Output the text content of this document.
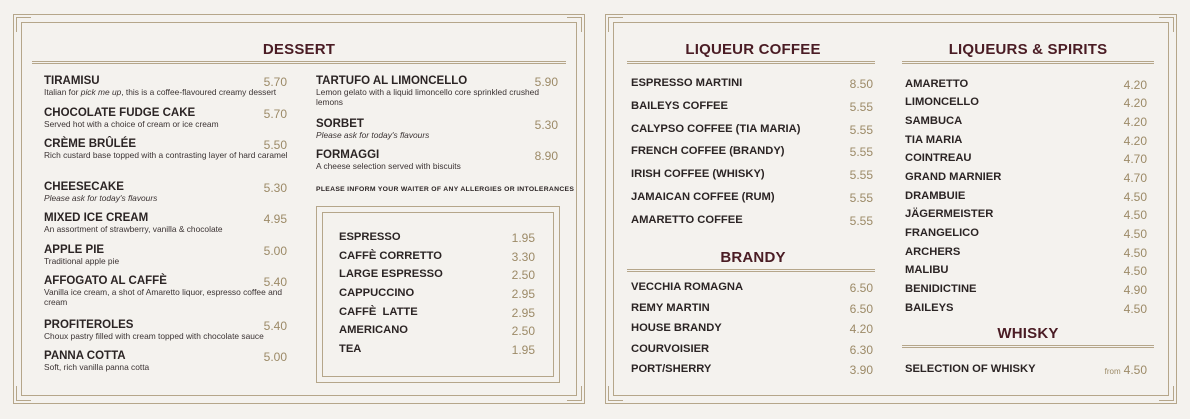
DESSERT
TIRAMISU
Italian for pick me up, this is a coffee-flavoured creamy dessert
5.70
CHOCOLATE FUDGE CAKE
Served hot with a choice of cream or ice cream
5.70
CRÈME BRÛLÉE
Rich custard base topped with a contrasting layer of hard caramel
5.50
CHEESECAKE
Please ask for today's flavours
5.30
MIXED ICE CREAM
An assortment of strawberry, vanilla & chocolate
4.95
APPLE PIE
Traditional apple pie
5.00
AFFOGATO AL CAFFÈ
Vanilla ice cream, a shot of Amaretto liquor, espresso coffee and cream
5.40
PROFITEROLES
Choux pastry filled with cream topped with chocolate sauce
5.40
PANNA COTTA
Soft, rich vanilla panna cotta
5.00
TARTUFO AL LIMONCELLO
Lemon gelato with a liquid limoncello core sprinkled crushed lemons
5.90
SORBET
Please ask for today's flavours
5.30
FORMAGGI
A cheese selection served with biscuits
8.90
PLEASE INFORM YOUR WAITER OF ANY ALLERGIES OR INTOLERANCES
ESPRESSO	1.95
CAFFÈ CORRETTO	3.30
LARGE ESPRESSO	2.50
CAPPUCCINO	2.95
CAFFÈ  LATTE	2.95
AMERICANO	2.50
TEA	1.95
LIQUEUR COFFEE
ESPRESSO MARTINI	8.50
BAILEYS COFFEE	5.55
CALYPSO COFFEE (TIA MARIA)	5.55
FRENCH COFFEE (BRANDY)	5.55
IRISH COFFEE (WHISKY)	5.55
JAMAICAN COFFEE (RUM)	5.55
AMARETTO COFFEE	5.55
BRANDY
VECCHIA ROMAGNA	6.50
REMY MARTIN	6.50
HOUSE BRANDY	4.20
COURVOISIER	6.30
PORT/SHERRY	3.90
LIQUEURS & SPIRITS
AMARETTO	4.20
LIMONCELLO	4.20
SAMBUCA	4.20
TIA MARIA	4.20
COINTREAU	4.70
GRAND MARNIER	4.70
DRAMBUIE	4.50
JÄGERMEISTER	4.50
FRANGELICO	4.50
ARCHERS	4.50
MALIBU	4.50
BENIDICTINE	4.90
BAILEYS	4.50
WHISKY
SELECTION OF WHISKY	from 4.50
